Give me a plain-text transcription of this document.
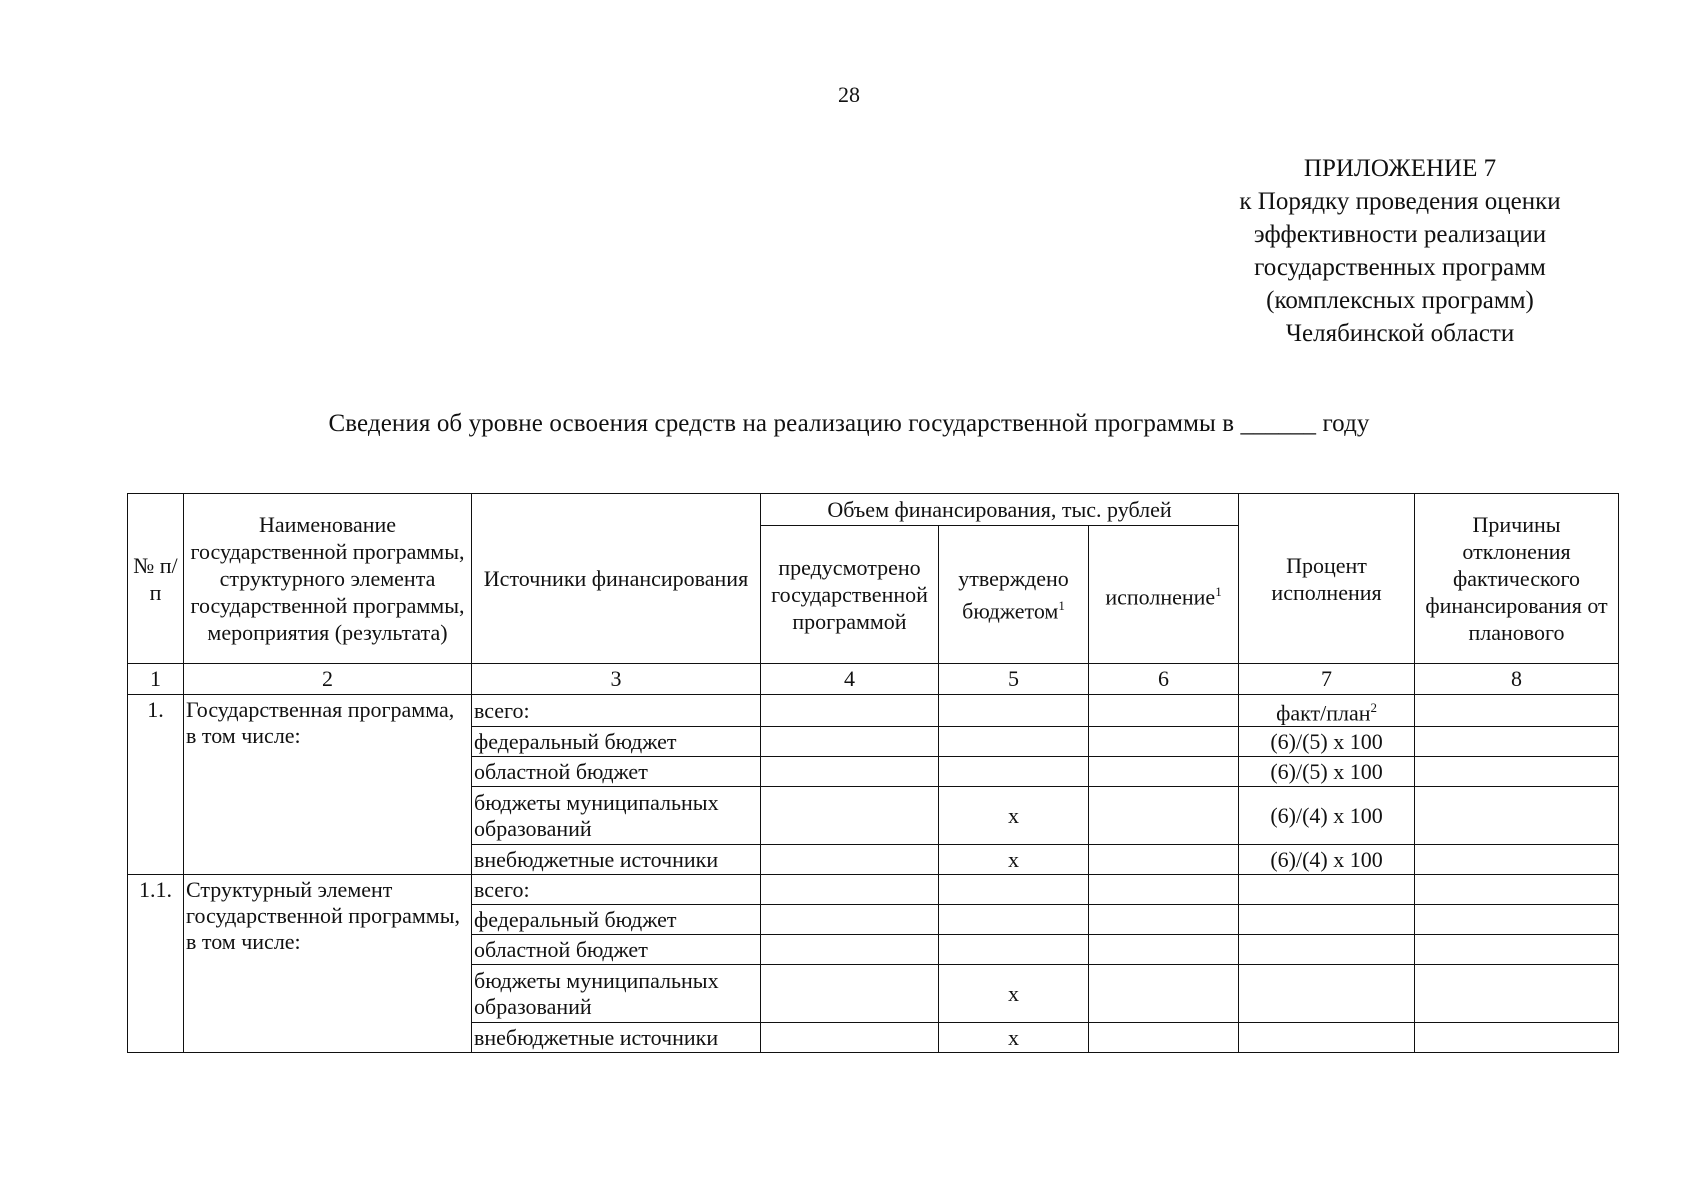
28
ПРИЛОЖЕНИЕ 7
к Порядку проведения оценки
эффективности реализации
государственных программ
(комплексных программ)
Челябинской области
Сведения об уровне освоения средств на реализацию государственной программы в ______ году
№ п/п	Наименование государственной программы, структурного элемента государственной программы, мероприятия (результата)	Источники финансирования	Объем финансирования, тыс. рублей			Процент исполнения	Причины отклонения фактического финансирования от планового
			предусмотрено государственной программой	утверждено бюджетом$^1$	исполнение$^1$
1	2	3	4	5	6	7	8
1.	Государственная программа, в том числе:	всего:				факт/план$^2$	
		федеральный бюджет				(6)/(5) x 100	
		областной бюджет				(6)/(5) x 100	
		бюджеты муниципальных образований		x		(6)/(4) x 100	
		внебюджетные источники		x		(6)/(4) x 100	
1.1.	Структурный элемент государственной программы, в том числе:	всего:					
		федеральный бюджет					
		областной бюджет					
		бюджеты муниципальных образований		x			
		внебюджетные источники		x			
